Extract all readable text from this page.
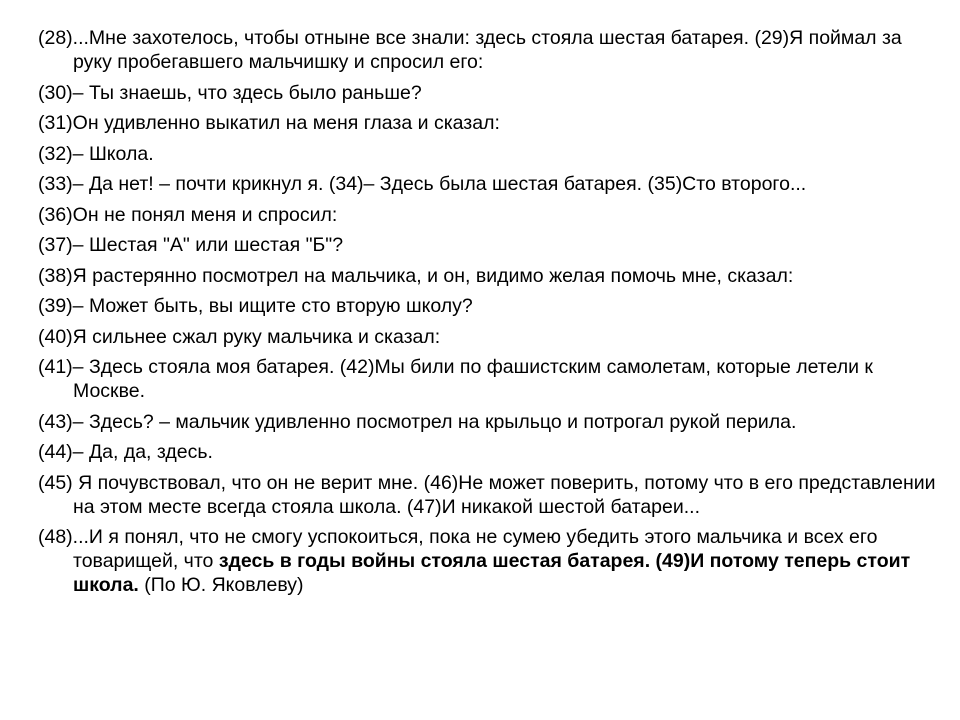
(28)...Мне захотелось, чтобы отныне все знали: здесь стояла шестая батарея. (29)Я поймал за руку пробегавшего мальчишку и спросил его:

(30)– Ты знаешь, что здесь было раньше?

(31)Он удивленно выкатил на меня глаза и сказал:

(32)– Школа.

(33)– Да нет! – почти крикнул я. (34)– Здесь была шестая батарея. (35)Сто второго...

(36)Он не понял меня и спросил:

(37)– Шестая "А" или шестая "Б"?

(38)Я растерянно посмотрел на мальчика, и он, видимо желая помочь мне, сказал:

(39)– Может быть, вы ищите сто вторую школу?

(40)Я сильнее сжал руку мальчика и сказал:

(41)– Здесь стояла моя батарея. (42)Мы били по фашистским самолетам, которые летели к Москве.

(43)– Здесь? – мальчик удивленно посмотрел на крыльцо и потрогал рукой перила.

(44)– Да, да, здесь.

(45) Я почувствовал, что он не верит мне. (46)Не может поверить, потому что в его представлении на этом месте всегда стояла школа. (47)И никакой шестой батареи...

(48)...И я понял, что не смогу успокоиться, пока не сумею убедить этого мальчика и всех его товарищей, что здесь в годы войны стояла шестая батарея. (49)И потому теперь стоит школа. (По Ю. Яковлеву)
